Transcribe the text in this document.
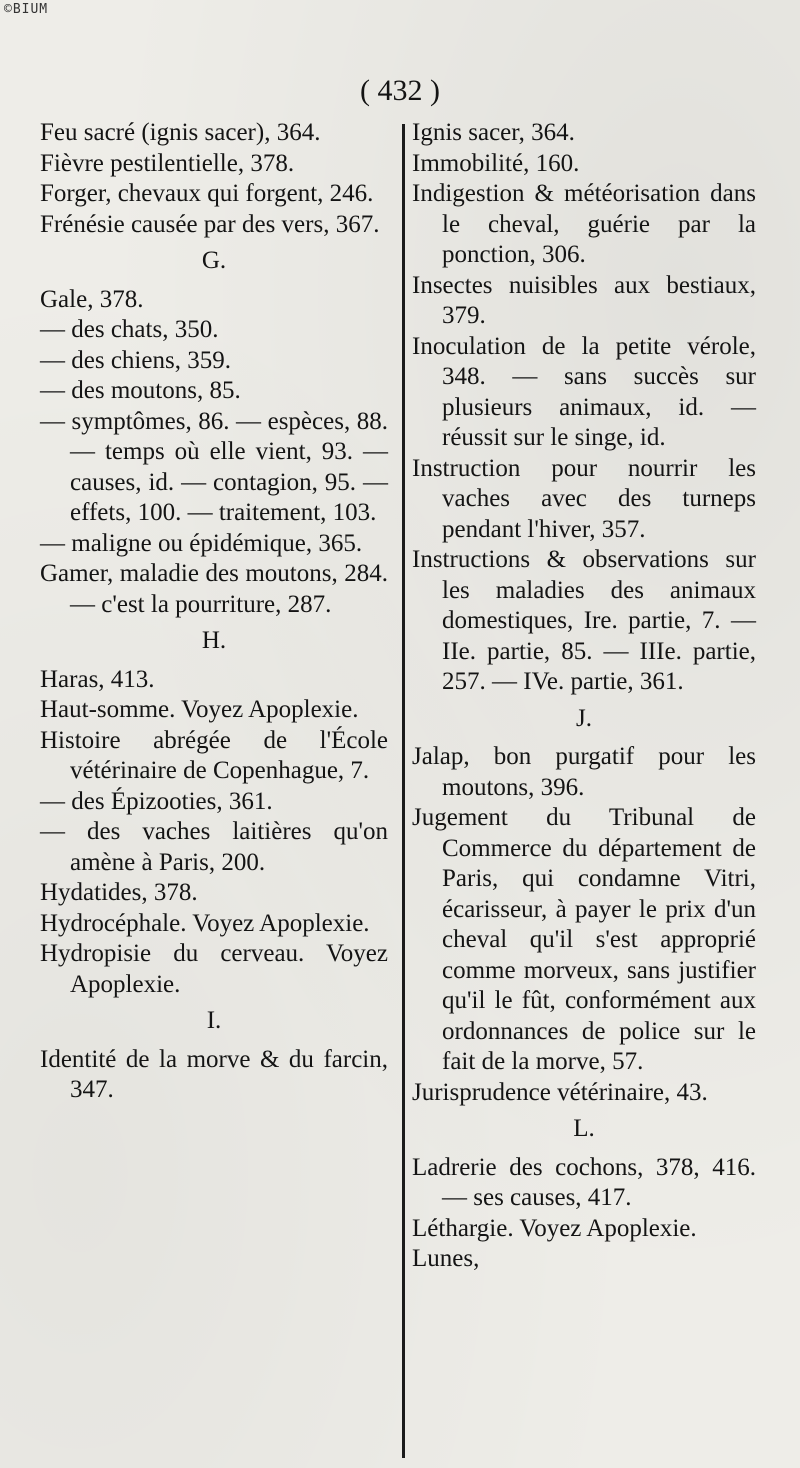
©BIUM
( 432 )

Feu sacré (ignis sacer), 364.

Fièvre pestilentielle, 378.

Forger, chevaux qui forgent, 246.

Frénésie causée par des vers, 367.

G.

Gale, 378.

— des chats, 350.

— des chiens, 359.

— des moutons, 85.

— symptômes, 86. — espèces, 88. — temps où elle vient, 93. — causes, id. — contagion, 95. — effets, 100. — traitement, 103.

— maligne ou épidémique, 365.

Gamer, maladie des moutons, 284. — c'est la pourriture, 287.

H.

Haras, 413.

Haut-somme. Voyez Apoplexie.

Histoire abrégée de l'École vétérinaire de Copenhague, 7.

— des Épizooties, 361.

— des vaches laitières qu'on amène à Paris, 200.

Hydatides, 378.

Hydrocéphale. Voyez Apoplexie.

Hydropisie du cerveau. Voyez Apoplexie.

I.

Identité de la morve & du farcin, 347.

Ignis sacer, 364.

Immobilité, 160.

Indigestion & météorisation dans le cheval, guérie par la ponction, 306.

Insectes nuisibles aux bestiaux, 379.

Inoculation de la petite vérole, 348. — sans succès sur plusieurs animaux, id. — réussit sur le singe, id.

Instruction pour nourrir les vaches avec des turneps pendant l'hiver, 357.

Instructions & observations sur les maladies des animaux domestiques, Ire. partie, 7. — IIe. partie, 85. — IIIe. partie, 257. — IVe. partie, 361.

J.

Jalap, bon purgatif pour les moutons, 396.

Jugement du Tribunal de Commerce du département de Paris, qui condamne Vitri, écarisseur, à payer le prix d'un cheval qu'il s'est approprié comme morveux, sans justifier qu'il le fût, conformément aux ordonnances de police sur le fait de la morve, 57.

Jurisprudence vétérinaire, 43.

L.

Ladrerie des cochons, 378, 416. — ses causes, 417.

Léthargie. Voyez Apoplexie.

Lunes,
